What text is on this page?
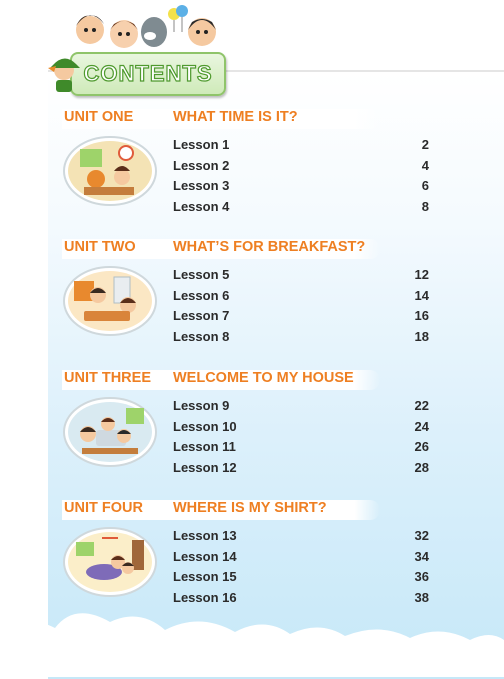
CONTENTS
UNIT ONE	WHAT TIME IS IT?
Lesson 1	2
Lesson 2	4
Lesson 3	6
Lesson 4	8
UNIT TWO	WHAT’S FOR BREAKFAST?
Lesson 5	12
Lesson 6	14
Lesson 7	16
Lesson 8	18
UNIT THREE WELCOME TO MY HOUSE
Lesson 9	22
Lesson 10	24
Lesson 11	26
Lesson 12	28
UNIT FOUR WHERE IS MY SHIRT?
Lesson 13	32
Lesson 14	34
Lesson 15	36
Lesson 16	38
